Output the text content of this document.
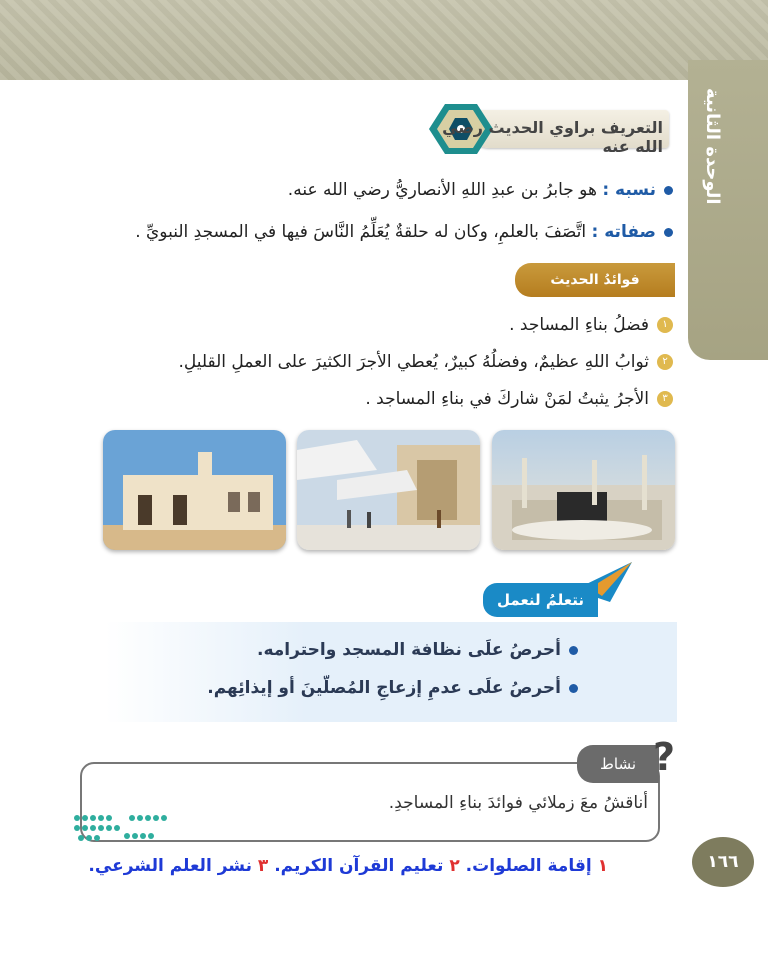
الوحدة الثانية
التعريف براوي الحديث رضي الله عنه
نسبه : هو جابرُ بن عبدِ اللهِ الأنصاريُّ رضي الله عنه.
صفاته : اتَّصَفَ بالعلمِ، وكان له حلقةٌ يُعَلِّمُ النَّاسَ فيها في المسجدِ النبويِّ .
فوائدُ الحديث
١فضلُ بناءِ المساجد .
٢ثوابُ اللهِ عظيمٌ، وفضلُهُ كبيرٌ، يُعطي الأجرَ الكثيرَ على العملِ القليلِ.
٣الأجرُ يثبتُ لمَنْ شاركَ في بناءِ المساجد .
نتعلمُ لنعمل
أحرصُ علَى نظافة المسجد واحترامه.
أحرصُ علَى عدمِ إزعاجِ المُصلّينَ أو إيذائِهم.
نشاط ?
أناقشُ معَ زملائي فوائدَ بناءِ المساجدِ.
١٦٦
١ إقامة الصلوات. ٢ تعليم القرآن الكريم. ٣ نشر العلم الشرعي.
